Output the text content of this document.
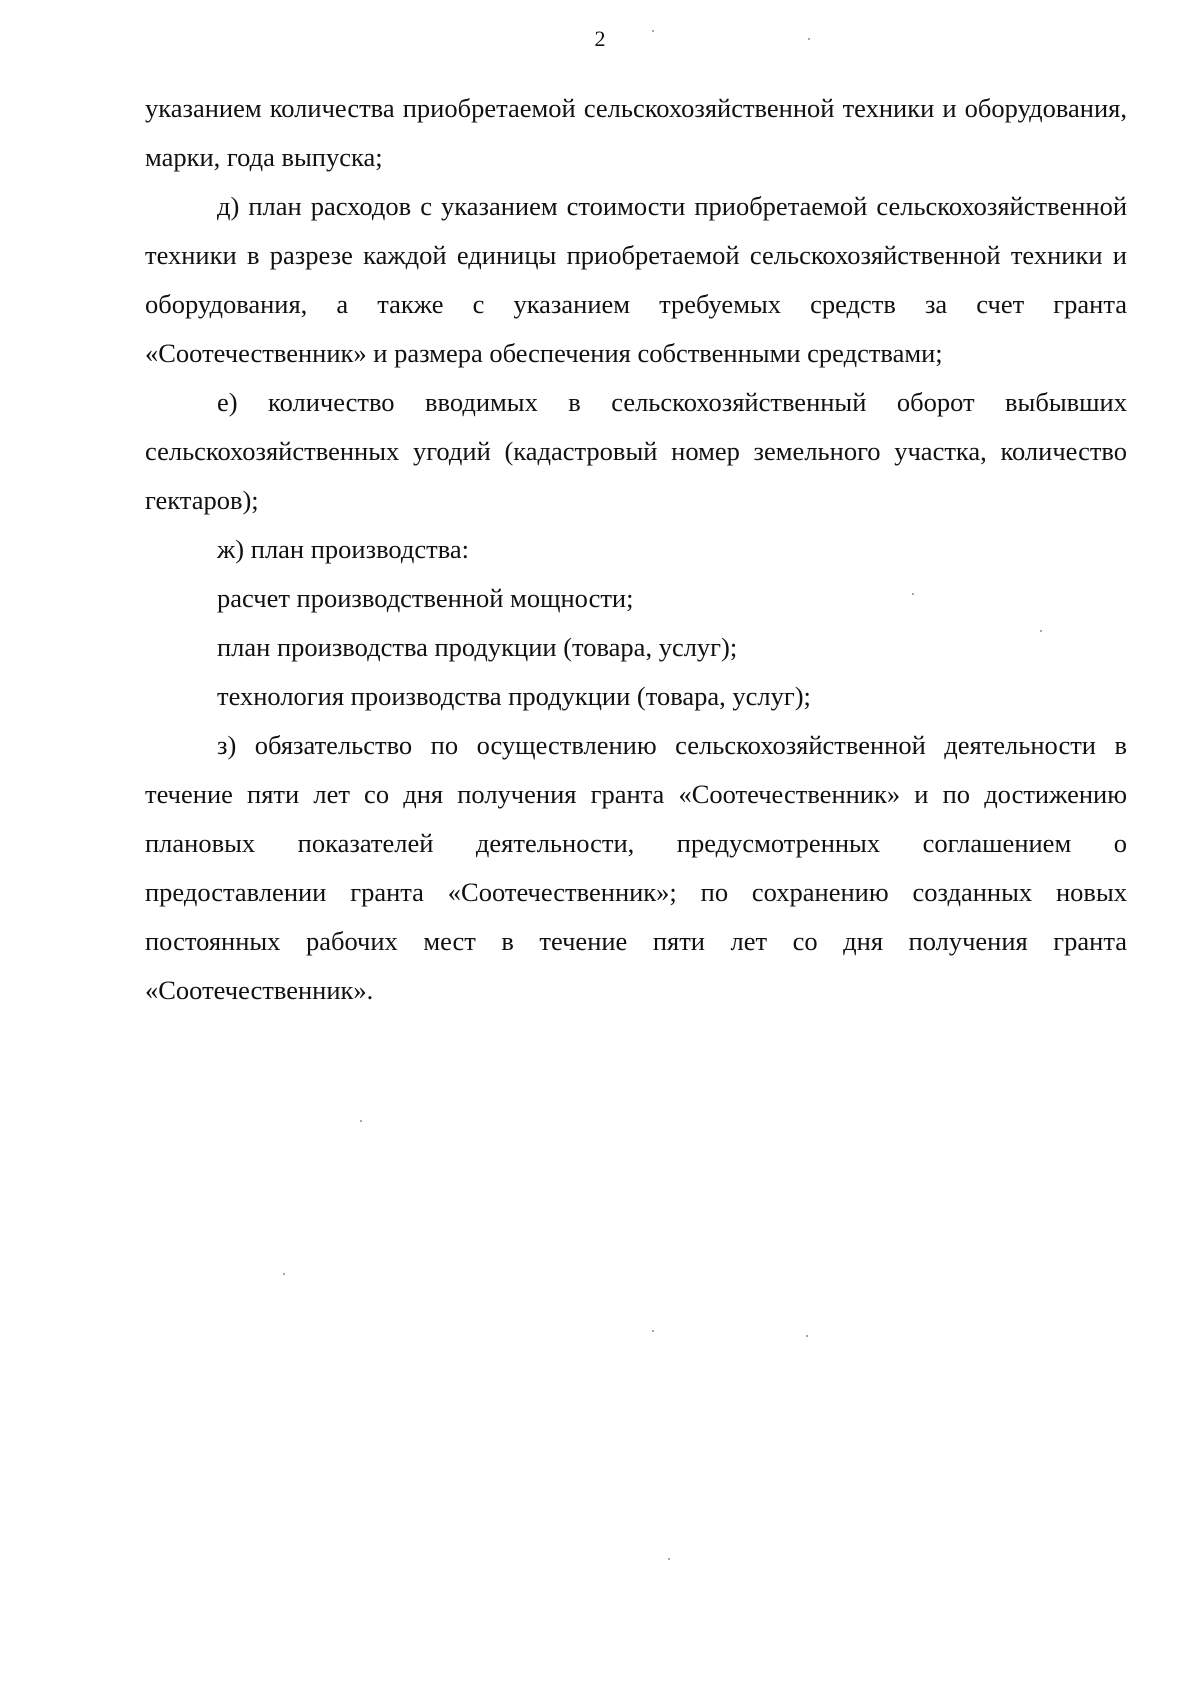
2

указанием количества приобретаемой сельскохозяйственной техники и оборудования, марки, года выпуска;

д) план расходов с указанием стоимости приобретаемой сельскохозяйственной техники в разрезе каждой единицы приобретаемой сельскохозяйственной техники и оборудования, а также с указанием требуемых средств за счет гранта «Соотечественник» и размера обеспечения собственными средствами;

е) количество вводимых в сельскохозяйственный оборот выбывших сельскохозяйственных угодий (кадастровый номер земельного участка, количество гектаров);

ж) план производства:

расчет производственной мощности;

план производства продукции (товара, услуг);

технология производства продукции (товара, услуг);

з) обязательство по осуществлению сельскохозяйственной деятельности в течение пяти лет со дня получения гранта «Соотечественник» и по достижению плановых показателей деятельности, предусмотренных соглашением о предоставлении гранта «Соотечественник»; по сохранению созданных новых постоянных рабочих мест в течение пяти лет со дня получения гранта «Соотечественник».
